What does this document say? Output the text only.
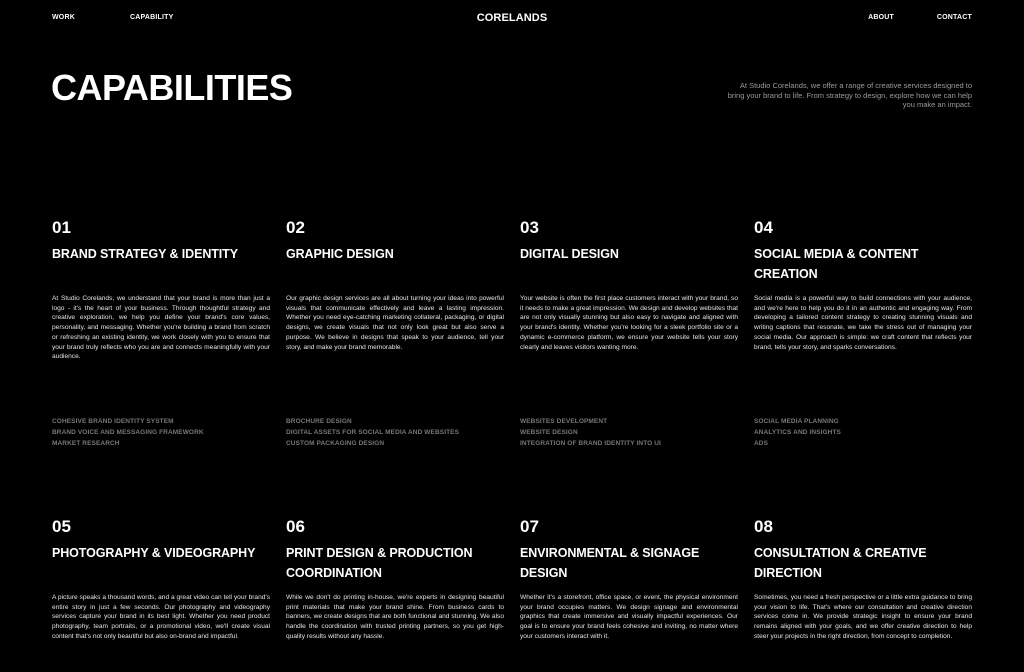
WORK	CAPABILITY	ABOUT	CONTACT
CORELANDS
CAPABILITIES	At Studio Corelands, we offer a range of creative services designed to bring your brand to life. From strategy to design, explore how we can help you make an impact.

01
BRAND STRATEGY & IDENTITY

At Studio Corelands, we understand that your brand is more than just a logo - it's the heart of your business. Through thoughtful strategy and creative exploration, we help you define your brand's core values, personality, and messaging. Whether you're building a brand from scratch or refreshing an existing identity, we work closely with you to ensure that your brand truly reflects who you are and connects meaningfully with your audience.

COHESIVE BRAND IDENTITY SYSTEM
BRAND VOICE AND MESSAGING FRAMEWORK
MARKET RESEARCH
02
GRAPHIC DESIGN

Our graphic design services are all about turning your ideas into powerful visuals that communicate effectively and leave a lasting impression. Whether you need eye-catching marketing collateral, packaging, or digital designs, we create visuals that not only look great but also serve a purpose. We believe in designs that speak to your audience, tell your story, and make your brand memorable.

BROCHURE DESIGN
DIGITAL ASSETS FOR SOCIAL MEDIA AND WEBSITES
CUSTOM PACKAGING DESIGN
03
DIGITAL DESIGN

Your website is often the first place customers interact with your brand, so it needs to make a great impression. We design and develop websites that are not only visually stunning but also easy to navigate and aligned with your brand's identity. Whether you're looking for a sleek portfolio site or a dynamic e-commerce platform, we ensure your website tells your story clearly and leaves visitors wanting more.

WEBSITES DEVELOPMENT
WEBSITE DESIGN
INTEGRATION OF BRAND IDENTITY INTO UI
04
SOCIAL MEDIA & CONTENT CREATION

Social media is a powerful way to build connections with your audience, and we're here to help you do it in an authentic and engaging way. From developing a tailored content strategy to creating stunning visuals and writing captions that resonate, we take the stress out of managing your social media. Our approach is simple: we craft content that reflects your brand, tells your story, and sparks conversations.

SOCIAL MEDIA PLANNING
ANALYTICS AND INSIGHTS
ADS
05
PHOTOGRAPHY & VIDEOGRAPHY

A picture speaks a thousand words, and a great video can tell your brand's entire story in just a few seconds. Our photography and videography services capture your brand in its best light. Whether you need product photography, team portraits, or a promotional video, we'll create visual content that's not only beautiful but also on-brand and impactful.

06
PRINT DESIGN & PRODUCTION COORDINATION

While we don't do printing in-house, we're experts in designing beautiful print materials that make your brand shine. From business cards to banners, we create designs that are both functional and stunning. We also handle the coordination with trusted printing partners, so you get high-quality results without any hassle.

07
ENVIRONMENTAL & SIGNAGE DESIGN

Whether it's a storefront, office space, or event, the physical environment your brand occupies matters. We design signage and environmental graphics that create immersive and visually impactful experiences. Our goal is to ensure your brand feels cohesive and inviting, no matter where your customers interact with it.

08
CONSULTATION & CREATIVE DIRECTION

Sometimes, you need a fresh perspective or a little extra guidance to bring your vision to life. That's where our consultation and creative direction services come in. We provide strategic insight to ensure your brand remains aligned with your goals, and we offer creative direction to help steer your projects in the right direction, from concept to completion.
